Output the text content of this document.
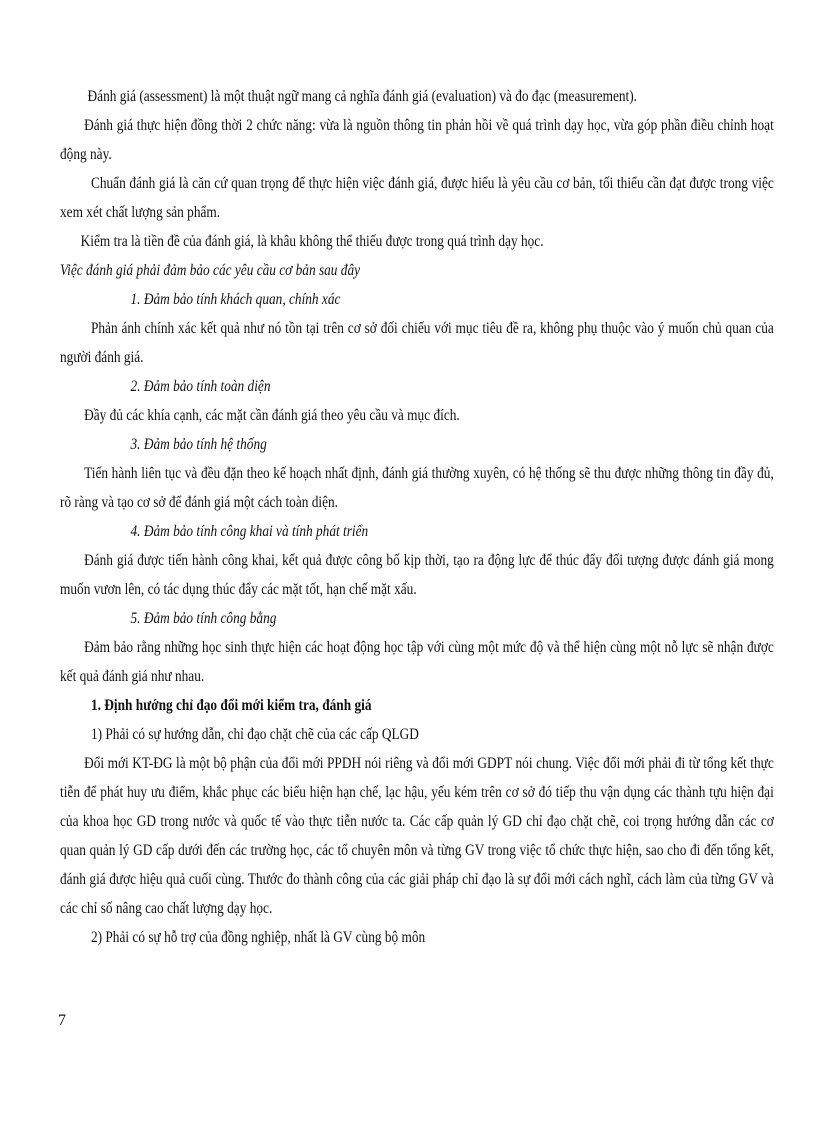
Đánh giá (assessment) là một thuật ngữ mang cả nghĩa đánh giá (evaluation) và đo đạc (measurement).

Đánh giá thực hiện đồng thời 2 chức năng: vừa là nguồn thông tin phản hồi về quá trình dạy học, vừa góp phần điều chỉnh hoạt động này.

Chuẩn đánh giá là căn cứ quan trọng để thực hiện việc đánh giá, được hiểu là yêu cầu cơ bản, tối thiểu cần đạt được trong việc xem xét chất lượng sản phẩm.

Kiểm tra là tiền đề của đánh giá, là khâu không thể thiếu được trong quá trình dạy học.

Việc đánh giá phải đảm bảo các yêu cầu cơ bản sau đây

1. Đảm bảo tính khách quan, chính xác

Phản ánh chính xác kết quả như nó tồn tại trên cơ sở đối chiếu với mục tiêu đề ra, không phụ thuộc vào ý muốn chủ quan của người đánh giá.

2. Đảm bảo tính toàn diện

Đầy đủ các khía cạnh, các mặt cần đánh giá theo yêu cầu và mục đích.

3. Đảm bảo tính hệ thống

Tiến hành liên tục và đều đặn theo kế hoạch nhất định, đánh giá thường xuyên, có hệ thống sẽ thu được những thông tin đầy đủ, rõ ràng và tạo cơ sở để đánh giá một cách toàn diện.

4. Đảm bảo tính công khai và tính phát triển

Đánh giá được tiến hành công khai, kết quả được công bố kịp thời, tạo ra động lực để thúc đẩy đối tượng được đánh giá mong muốn vươn lên, có tác dụng thúc đẩy các mặt tốt, hạn chế mặt xấu.

5. Đảm bảo tính công bằng

Đảm bảo rằng những học sinh thực hiện các hoạt động học tập với cùng một mức độ và thể hiện cùng một nỗ lực sẽ nhận được kết quả đánh giá như nhau.

1. Định hướng chỉ đạo đổi mới kiểm tra, đánh giá

1) Phải có sự hướng dẫn, chỉ đạo chặt chẽ của các cấp QLGD

Đổi mới KT-ĐG là một bộ phận của đổi mới PPDH nói riêng và đổi mới GDPT nói chung. Việc đổi mới phải đi từ tổng kết thực tiễn để phát huy ưu điểm, khắc phục các biểu hiện hạn chế, lạc hậu, yếu kém trên cơ sở đó tiếp thu vận dụng các thành tựu hiện đại của khoa học GD trong nước và quốc tế vào thực tiễn nước ta. Các cấp quản lý GD chỉ đạo chặt chẽ, coi trọng hướng dẫn các cơ quan quản lý GD cấp dưới đến các trường học, các tổ chuyên môn và từng GV trong việc tổ chức thực hiện, sao cho đi đến tổng kết, đánh giá được hiệu quả cuối cùng. Thước đo thành công của các giải pháp chỉ đạo là sự đổi mới cách nghĩ, cách làm của từng GV và các chỉ số nâng cao chất lượng dạy học.

2) Phải có sự hỗ trợ của đồng nghiệp, nhất là GV cùng bộ môn

7
